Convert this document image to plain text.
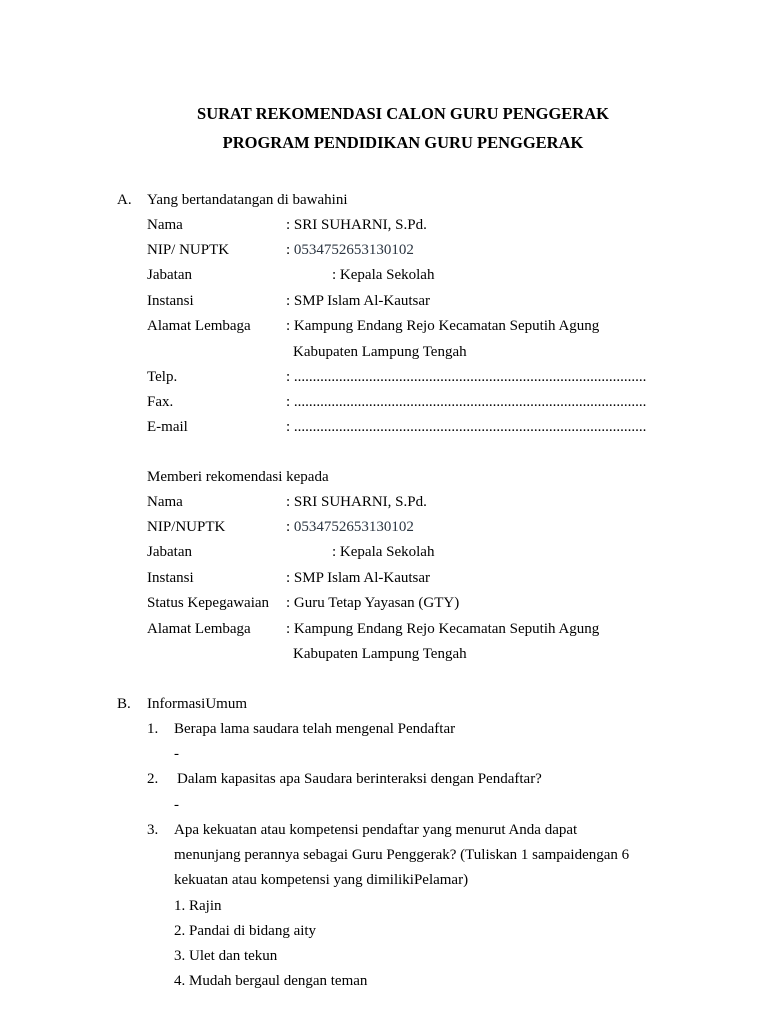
SURAT REKOMENDASI CALON GURU PENGGERAK
PROGRAM PENDIDIKAN GURU PENGGERAK
A. Yang bertandatangan di bawahini
Nama	: SRI SUHARNI, S.Pd.
NIP/ NUPTK	: 0534752653130102
Jabatan	: Kepala Sekolah
Instansi	: SMP Islam Al-Kautsar
Alamat Lembaga : Kampung Endang Rejo Kecamatan Seputih Agung
Kabupaten Lampung Tengah
Telp.	: ..............................................................................................
Fax.	: ..............................................................................................
E-mail	: ..............................................................................................
Memberi rekomendasi kepada
Nama	: SRI SUHARNI, S.Pd.
NIP/NUPTK	: 0534752653130102
Jabatan	: Kepala Sekolah
Instansi	: SMP Islam Al-Kautsar
Status Kepegawaian : Guru Tetap Yayasan (GTY)
Alamat Lembaga : Kampung Endang Rejo Kecamatan Seputih Agung
Kabupaten Lampung Tengah
B. InformasiUmum
1. Berapa lama saudara telah mengenal Pendaftar
-
2. Dalam kapasitas apa Saudara berinteraksi dengan Pendaftar?
-
3. Apa kekuatan atau kompetensi pendaftar yang menurut Anda dapat
menunjang perannya sebagai Guru Penggerak? (Tuliskan 1 sampaidengan 6
kekuatan atau kompetensi yang dimilikiPelamar)
1. Rajin
2. Pandai di bidang aity
3. Ulet dan tekun
4. Mudah bergaul dengan teman
